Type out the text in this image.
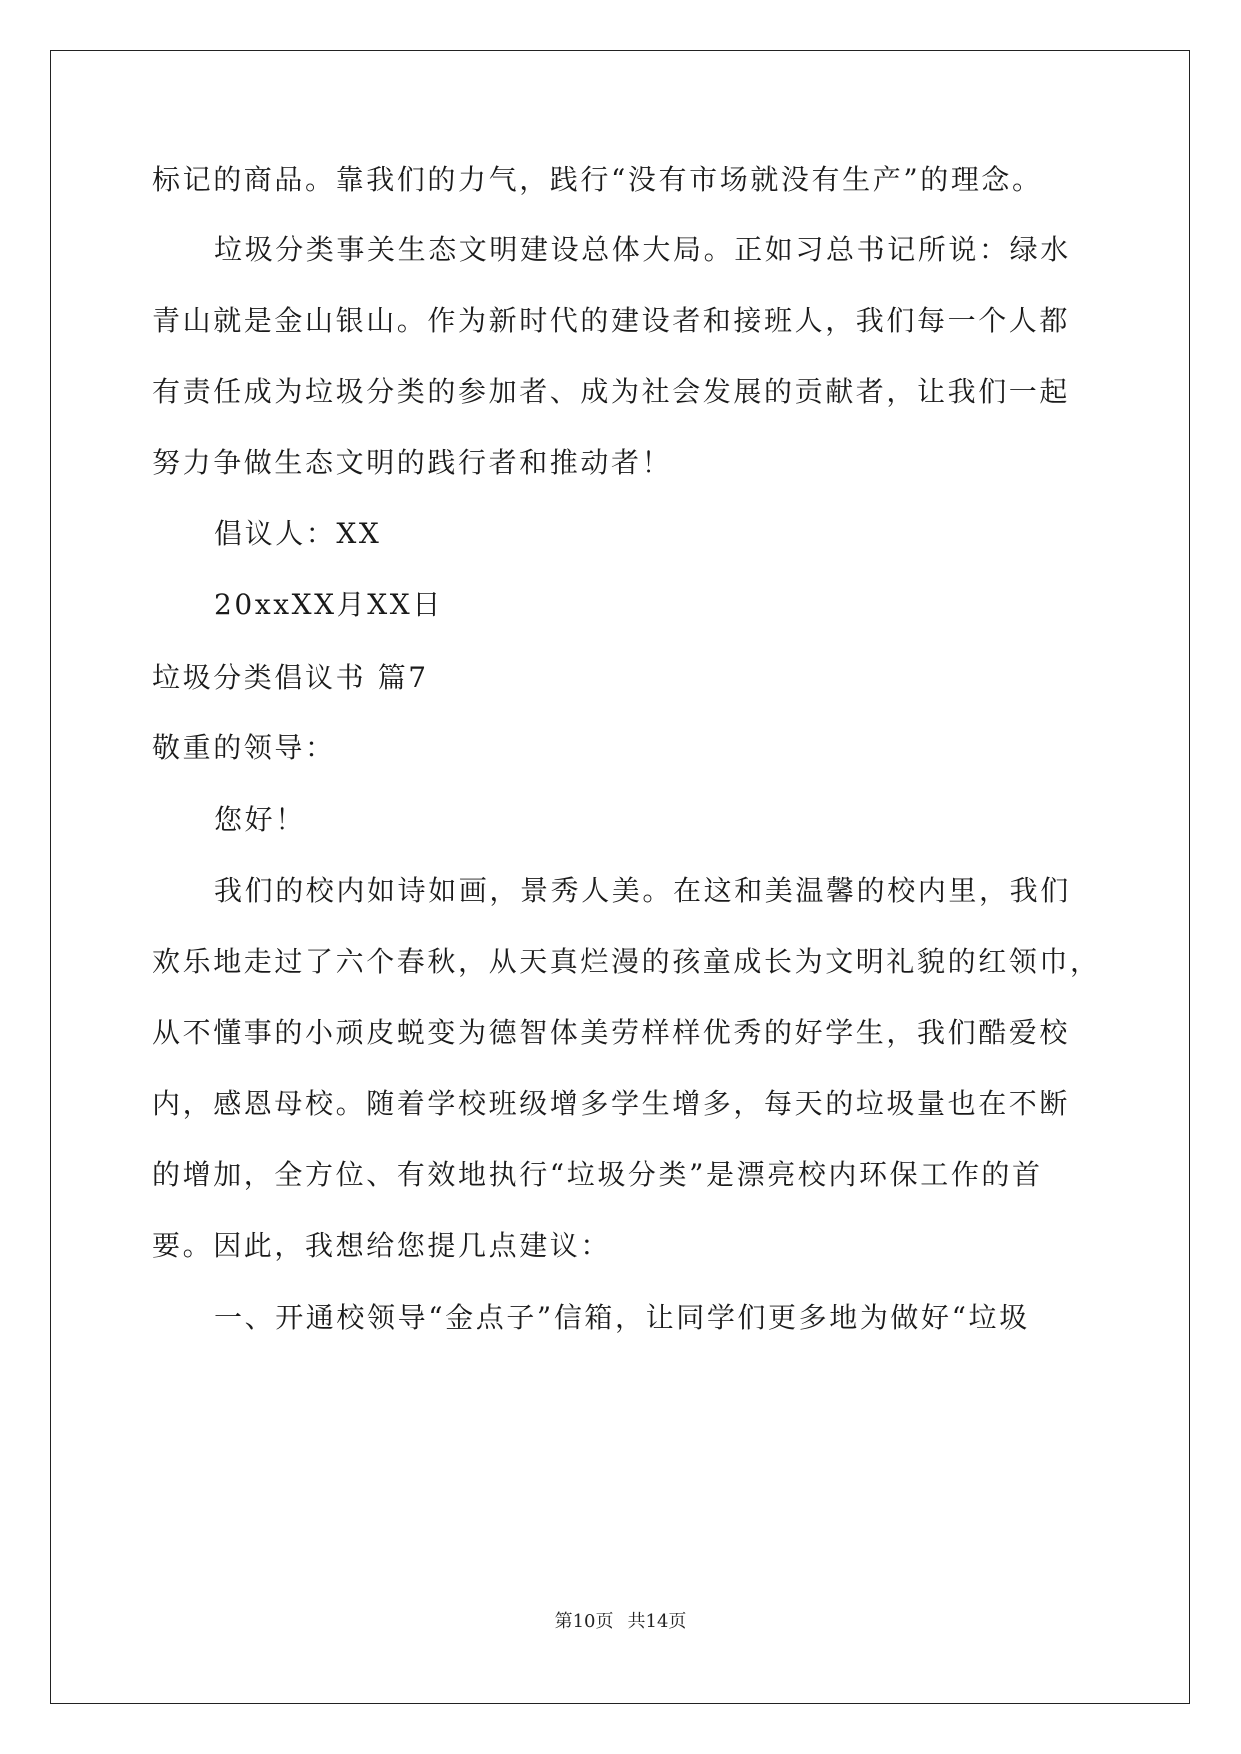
标记的商品。靠我们的力气，践行“没有市场就没有生产”的理念。
垃圾分类事关生态文明建设总体大局。正如习总书记所说：绿水
青山就是金山银山。作为新时代的建设者和接班人，我们每一个人都
有责任成为垃圾分类的参加者、成为社会发展的贡献者，让我们一起
努力争做生态文明的践行者和推动者！
倡议人：XX
20xxXX月XX日
垃圾分类倡议书 篇7
敬重的领导：
您好！
我们的校内如诗如画，景秀人美。在这和美温馨的校内里，我们
欢乐地走过了六个春秋，从天真烂漫的孩童成长为文明礼貌的红领巾，
从不懂事的小顽皮蜕变为德智体美劳样样优秀的好学生，我们酷爱校
内，感恩母校。随着学校班级增多学生增多，每天的垃圾量也在不断
的增加，全方位、有效地执行“垃圾分类”是漂亮校内环保工作的首
要。因此，我想给您提几点建议：
一、开通校领导“金点子”信箱，让同学们更多地为做好“垃圾
第10页 共14页
